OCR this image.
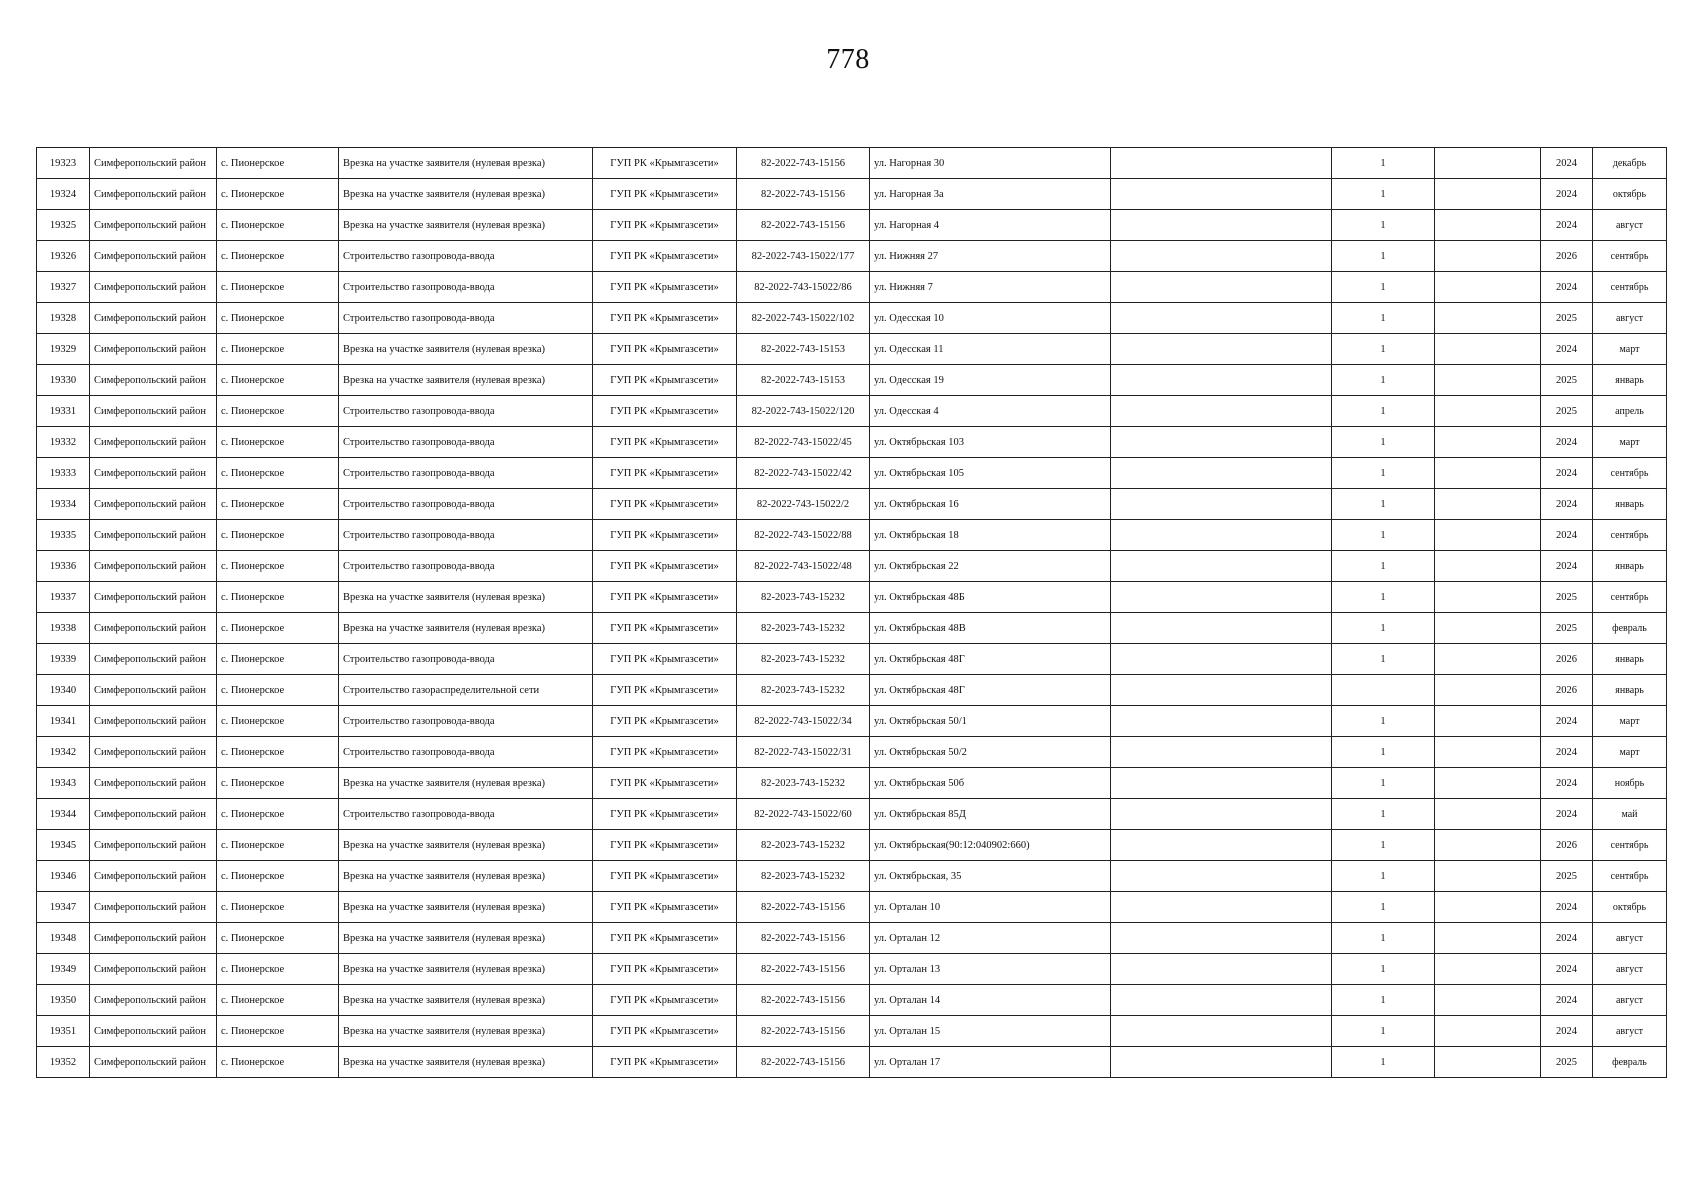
778
19323	Симферопольский район	с. Пионерское	Врезка на участке заявителя (нулевая врезка)	ГУП РК «Крымгазсети»	82-2022-743-15156	ул. Нагорная 30		1		2024	декабрь
19324	Симферопольский район	с. Пионерское	Врезка на участке заявителя (нулевая врезка)	ГУП РК «Крымгазсети»	82-2022-743-15156	ул. Нагорная 3а		1		2024	октябрь
19325	Симферопольский район	с. Пионерское	Врезка на участке заявителя (нулевая врезка)	ГУП РК «Крымгазсети»	82-2022-743-15156	ул. Нагорная 4		1		2024	август
19326	Симферопольский район	с. Пионерское	Строительство газопровода-ввода	ГУП РК «Крымгазсети»	82-2022-743-15022/177	ул. Нижняя 27		1		2026	сентябрь
19327	Симферопольский район	с. Пионерское	Строительство газопровода-ввода	ГУП РК «Крымгазсети»	82-2022-743-15022/86	ул. Нижняя 7		1		2024	сентябрь
19328	Симферопольский район	с. Пионерское	Строительство газопровода-ввода	ГУП РК «Крымгазсети»	82-2022-743-15022/102	ул. Одесская 10		1		2025	август
19329	Симферопольский район	с. Пионерское	Врезка на участке заявителя (нулевая врезка)	ГУП РК «Крымгазсети»	82-2022-743-15153	ул. Одесская 11		1		2024	март
19330	Симферопольский район	с. Пионерское	Врезка на участке заявителя (нулевая врезка)	ГУП РК «Крымгазсети»	82-2022-743-15153	ул. Одесская 19		1		2025	январь
19331	Симферопольский район	с. Пионерское	Строительство газопровода-ввода	ГУП РК «Крымгазсети»	82-2022-743-15022/120	ул. Одесская 4		1		2025	апрель
19332	Симферопольский район	с. Пионерское	Строительство газопровода-ввода	ГУП РК «Крымгазсети»	82-2022-743-15022/45	ул. Октябрьская 103		1		2024	март
19333	Симферопольский район	с. Пионерское	Строительство газопровода-ввода	ГУП РК «Крымгазсети»	82-2022-743-15022/42	ул. Октябрьская 105		1		2024	сентябрь
19334	Симферопольский район	с. Пионерское	Строительство газопровода-ввода	ГУП РК «Крымгазсети»	82-2022-743-15022/2	ул. Октябрьская 16		1		2024	январь
19335	Симферопольский район	с. Пионерское	Строительство газопровода-ввода	ГУП РК «Крымгазсети»	82-2022-743-15022/88	ул. Октябрьская 18		1		2024	сентябрь
19336	Симферопольский район	с. Пионерское	Строительство газопровода-ввода	ГУП РК «Крымгазсети»	82-2022-743-15022/48	ул. Октябрьская 22		1		2024	январь
19337	Симферопольский район	с. Пионерское	Врезка на участке заявителя (нулевая врезка)	ГУП РК «Крымгазсети»	82-2023-743-15232	ул. Октябрьская 48Б		1		2025	сентябрь
19338	Симферопольский район	с. Пионерское	Врезка на участке заявителя (нулевая врезка)	ГУП РК «Крымгазсети»	82-2023-743-15232	ул. Октябрьская 48В		1		2025	февраль
19339	Симферопольский район	с. Пионерское	Строительство газопровода-ввода	ГУП РК «Крымгазсети»	82-2023-743-15232	ул. Октябрьская 48Г		1		2026	январь
19340	Симферопольский район	с. Пионерское	Строительство газораспределительной сети	ГУП РК «Крымгазсети»	82-2023-743-15232	ул. Октябрьская 48Г				2026	январь
19341	Симферопольский район	с. Пионерское	Строительство газопровода-ввода	ГУП РК «Крымгазсети»	82-2022-743-15022/34	ул. Октябрьская 50/1		1		2024	март
19342	Симферопольский район	с. Пионерское	Строительство газопровода-ввода	ГУП РК «Крымгазсети»	82-2022-743-15022/31	ул. Октябрьская 50/2		1		2024	март
19343	Симферопольский район	с. Пионерское	Врезка на участке заявителя (нулевая врезка)	ГУП РК «Крымгазсети»	82-2023-743-15232	ул. Октябрьская 50б		1		2024	ноябрь
19344	Симферопольский район	с. Пионерское	Строительство газопровода-ввода	ГУП РК «Крымгазсети»	82-2022-743-15022/60	ул. Октябрьская 85Д		1		2024	май
19345	Симферопольский район	с. Пионерское	Врезка на участке заявителя (нулевая врезка)	ГУП РК «Крымгазсети»	82-2023-743-15232	ул. Октябрьская(90:12:040902:660)		1		2026	сентябрь
19346	Симферопольский район	с. Пионерское	Врезка на участке заявителя (нулевая врезка)	ГУП РК «Крымгазсети»	82-2023-743-15232	ул. Октябрьская, 35		1		2025	сентябрь
19347	Симферопольский район	с. Пионерское	Врезка на участке заявителя (нулевая врезка)	ГУП РК «Крымгазсети»	82-2022-743-15156	ул. Орталан 10		1		2024	октябрь
19348	Симферопольский район	с. Пионерское	Врезка на участке заявителя (нулевая врезка)	ГУП РК «Крымгазсети»	82-2022-743-15156	ул. Орталан 12		1		2024	август
19349	Симферопольский район	с. Пионерское	Врезка на участке заявителя (нулевая врезка)	ГУП РК «Крымгазсети»	82-2022-743-15156	ул. Орталан 13		1		2024	август
19350	Симферопольский район	с. Пионерское	Врезка на участке заявителя (нулевая врезка)	ГУП РК «Крымгазсети»	82-2022-743-15156	ул. Орталан 14		1		2024	август
19351	Симферопольский район	с. Пионерское	Врезка на участке заявителя (нулевая врезка)	ГУП РК «Крымгазсети»	82-2022-743-15156	ул. Орталан 15		1		2024	август
19352	Симферопольский район	с. Пионерское	Врезка на участке заявителя (нулевая врезка)	ГУП РК «Крымгазсети»	82-2022-743-15156	ул. Орталан 17		1		2025	февраль
